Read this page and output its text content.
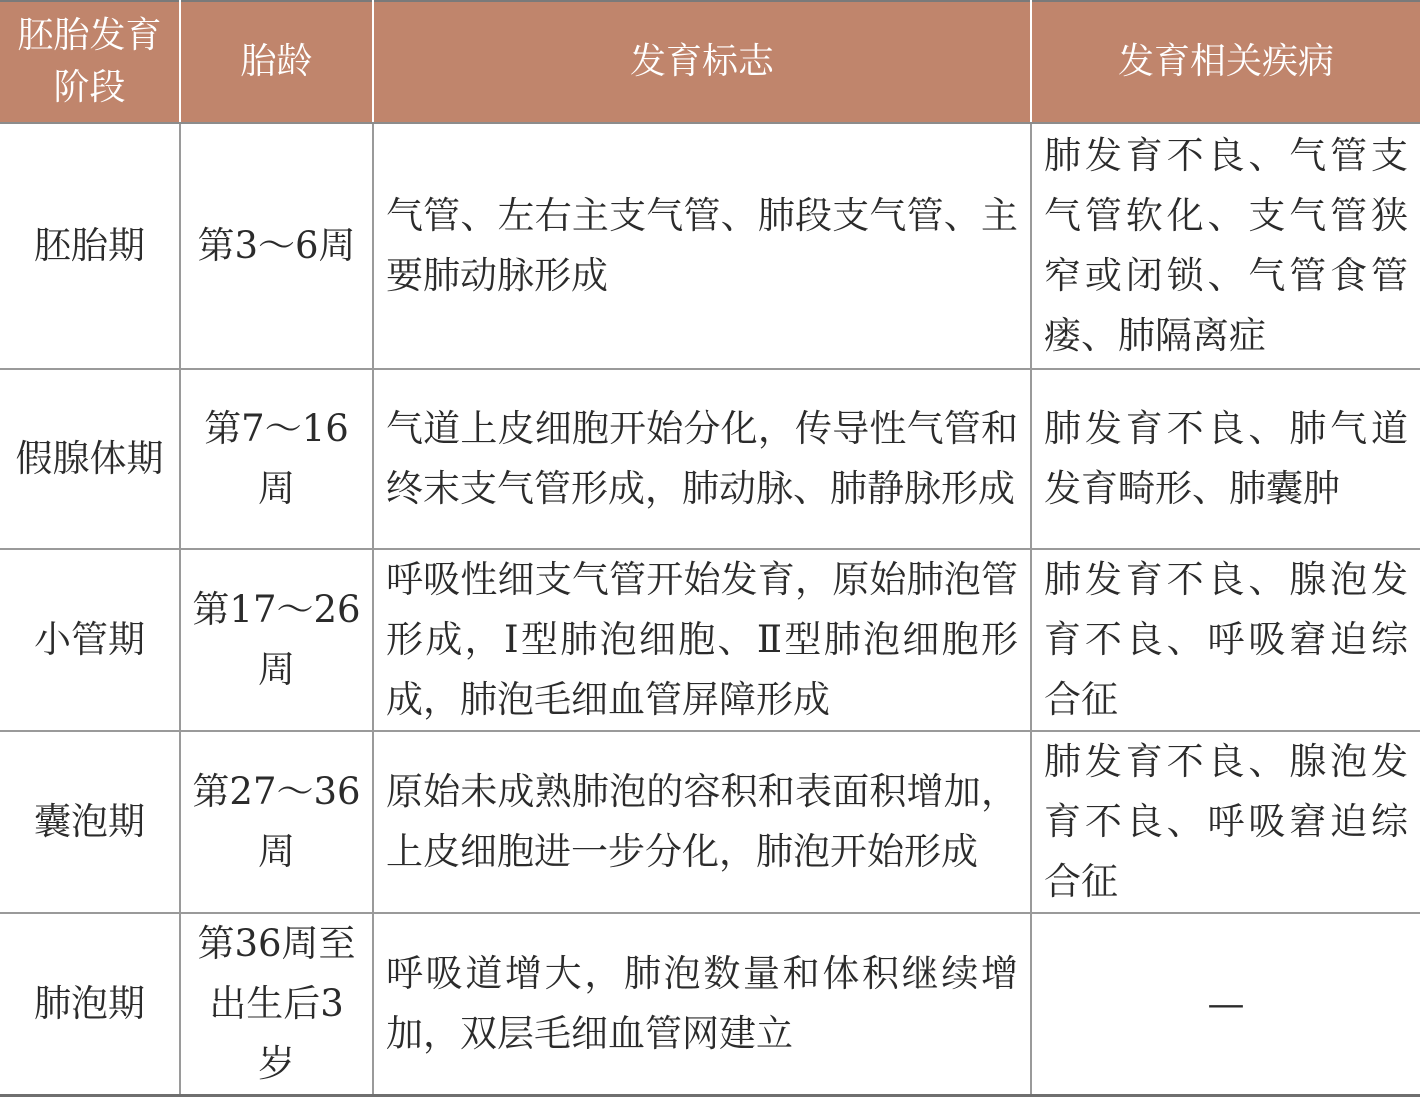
胚胎发育阶段	胎龄	发育标志	发育相关疾病
胚胎期	第3～6周	气管、左右主支气管、肺段支气管、主要肺动脉形成	肺发育不良、气管支气管软化、支气管狭窄或闭锁、气管食管瘘、肺隔离症
假腺体期	第7～16周	气道上皮细胞开始分化，传导性气管和终末支气管形成，肺动脉、肺静脉形成	肺发育不良、肺气道发育畸形、肺囊肿
小管期	第17～26周	呼吸性细支气管开始发育，原始肺泡管形成，Ⅰ型肺泡细胞、Ⅱ型肺泡细胞形成，肺泡毛细血管屏障形成	肺发育不良、腺泡发育不良、呼吸窘迫综合征
囊泡期	第27～36周	原始未成熟肺泡的容积和表面积增加，上皮细胞进一步分化，肺泡开始形成	肺发育不良、腺泡发育不良、呼吸窘迫综合征
肺泡期	第36周至出生后3岁	呼吸道增大，肺泡数量和体积继续增加，双层毛细血管网建立	—
